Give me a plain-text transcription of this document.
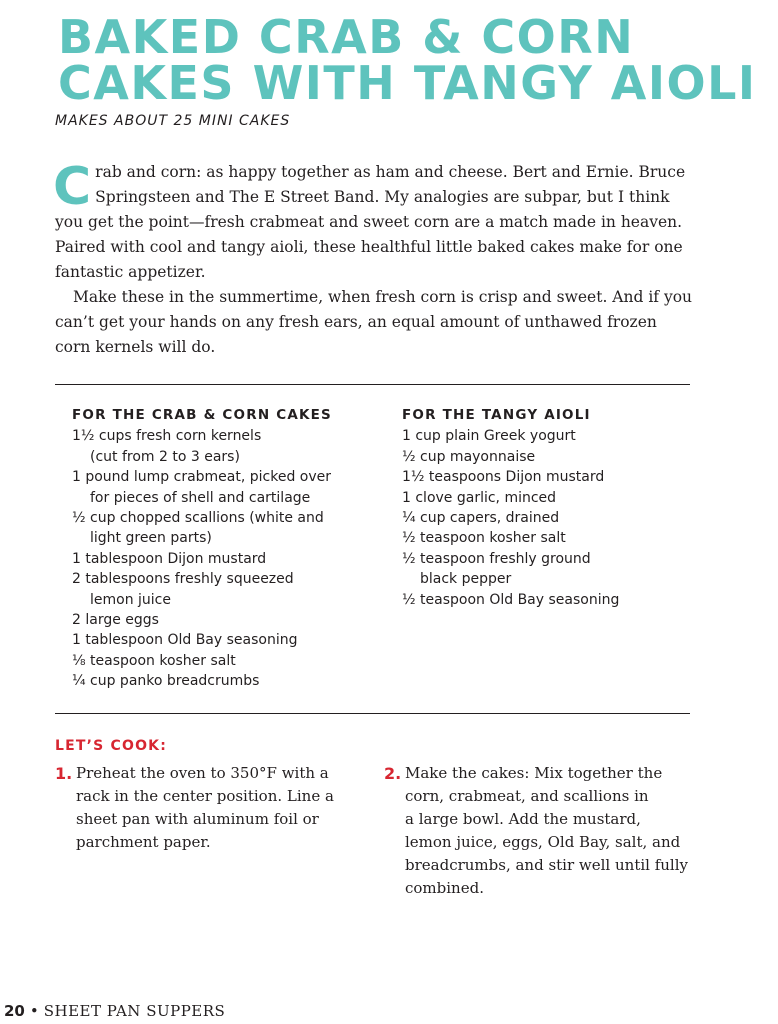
BAKED CRAB & CORN
CAKES WITH TANGY AIOLI
MAKES ABOUT 25 MINI CAKES

Crab and corn: as happy together as ham and cheese. Bert and Ernie. Bruce Springsteen and The E Street Band. My analogies are subpar, but I think you get the point—fresh crabmeat and sweet corn are a match made in heaven. Paired with cool and tangy aioli, these healthful little baked cakes make for one fantastic appetizer.

Make these in the summertime, when fresh corn is crisp and sweet. And if you can’t get your hands on any fresh ears, an equal amount of unthawed frozen corn kernels will do.

FOR THE CRAB & CORN CAKES
1½ cups fresh corn kernels
(cut from 2 to 3 ears)
1 pound lump crabmeat, picked over
for pieces of shell and cartilage
½ cup chopped scallions (white and
light green parts)
1 tablespoon Dijon mustard
2 tablespoons freshly squeezed
lemon juice
2 large eggs
1 tablespoon Old Bay seasoning
⅛ teaspoon kosher salt
¼ cup panko breadcrumbs
FOR THE TANGY AIOLI
1 cup plain Greek yogurt
½ cup mayonnaise
1½ teaspoons Dijon mustard
1 clove garlic, minced
¼ cup capers, drained
½ teaspoon kosher salt
½ teaspoon freshly ground
black pepper
½ teaspoon Old Bay seasoning
LET’S COOK:
1. Preheat the oven to 350°F with a
rack in the center position. Line a
sheet pan with aluminum foil or
parchment paper.
2. Make the cakes: Mix together the
corn, crabmeat, and scallions in
a large bowl. Add the mustard,
lemon juice, eggs, Old Bay, salt, and
breadcrumbs, and stir well until fully
combined.
20 • SHEET PAN SUPPERS
